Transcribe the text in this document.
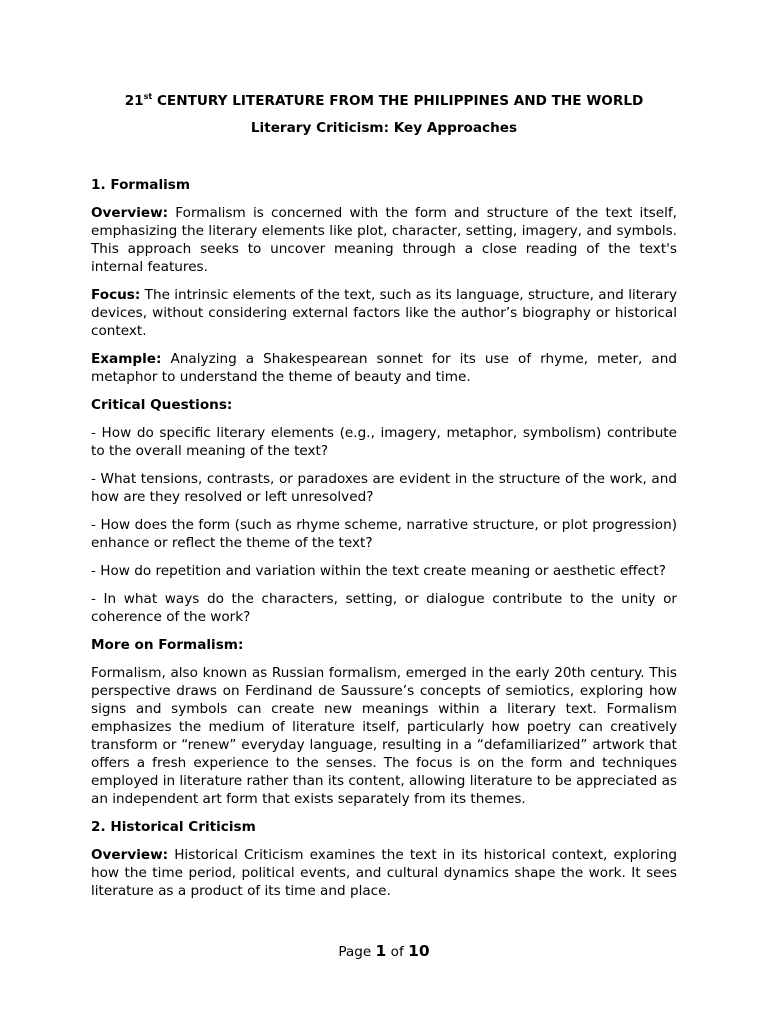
21st CENTURY LITERATURE FROM THE PHILIPPINES AND THE WORLD
Literary Criticism: Key Approaches
1. Formalism

Overview: Formalism is concerned with the form and structure of the text itself, emphasizing the literary elements like plot, character, setting, imagery, and symbols. This approach seeks to uncover meaning through a close reading of the text's internal features.

Focus: The intrinsic elements of the text, such as its language, structure, and literary devices, without considering external factors like the author’s biography or historical context.

Example: Analyzing a Shakespearean sonnet for its use of rhyme, meter, and metaphor to understand the theme of beauty and time.

Critical Questions:

- How do specific literary elements (e.g., imagery, metaphor, symbolism) contribute to the overall meaning of the text?

- What tensions, contrasts, or paradoxes are evident in the structure of the work, and how are they resolved or left unresolved?

- How does the form (such as rhyme scheme, narrative structure, or plot progression) enhance or reflect the theme of the text?

- How do repetition and variation within the text create meaning or aesthetic effect?

- In what ways do the characters, setting, or dialogue contribute to the unity or coherence of the work?

More on Formalism:

Formalism, also known as Russian formalism, emerged in the early 20th century. This perspective draws on Ferdinand de Saussure’s concepts of semiotics, exploring how signs and symbols can create new meanings within a literary text. Formalism emphasizes the medium of literature itself, particularly how poetry can creatively transform or “renew” everyday language, resulting in a “defamiliarized” artwork that offers a fresh experience to the senses. The focus is on the form and techniques employed in literature rather than its content, allowing literature to be appreciated as an independent art form that exists separately from its themes.

2. Historical Criticism

Overview: Historical Criticism examines the text in its historical context, exploring how the time period, political events, and cultural dynamics shape the work. It sees literature as a product of its time and place.

Page 1 of 10
